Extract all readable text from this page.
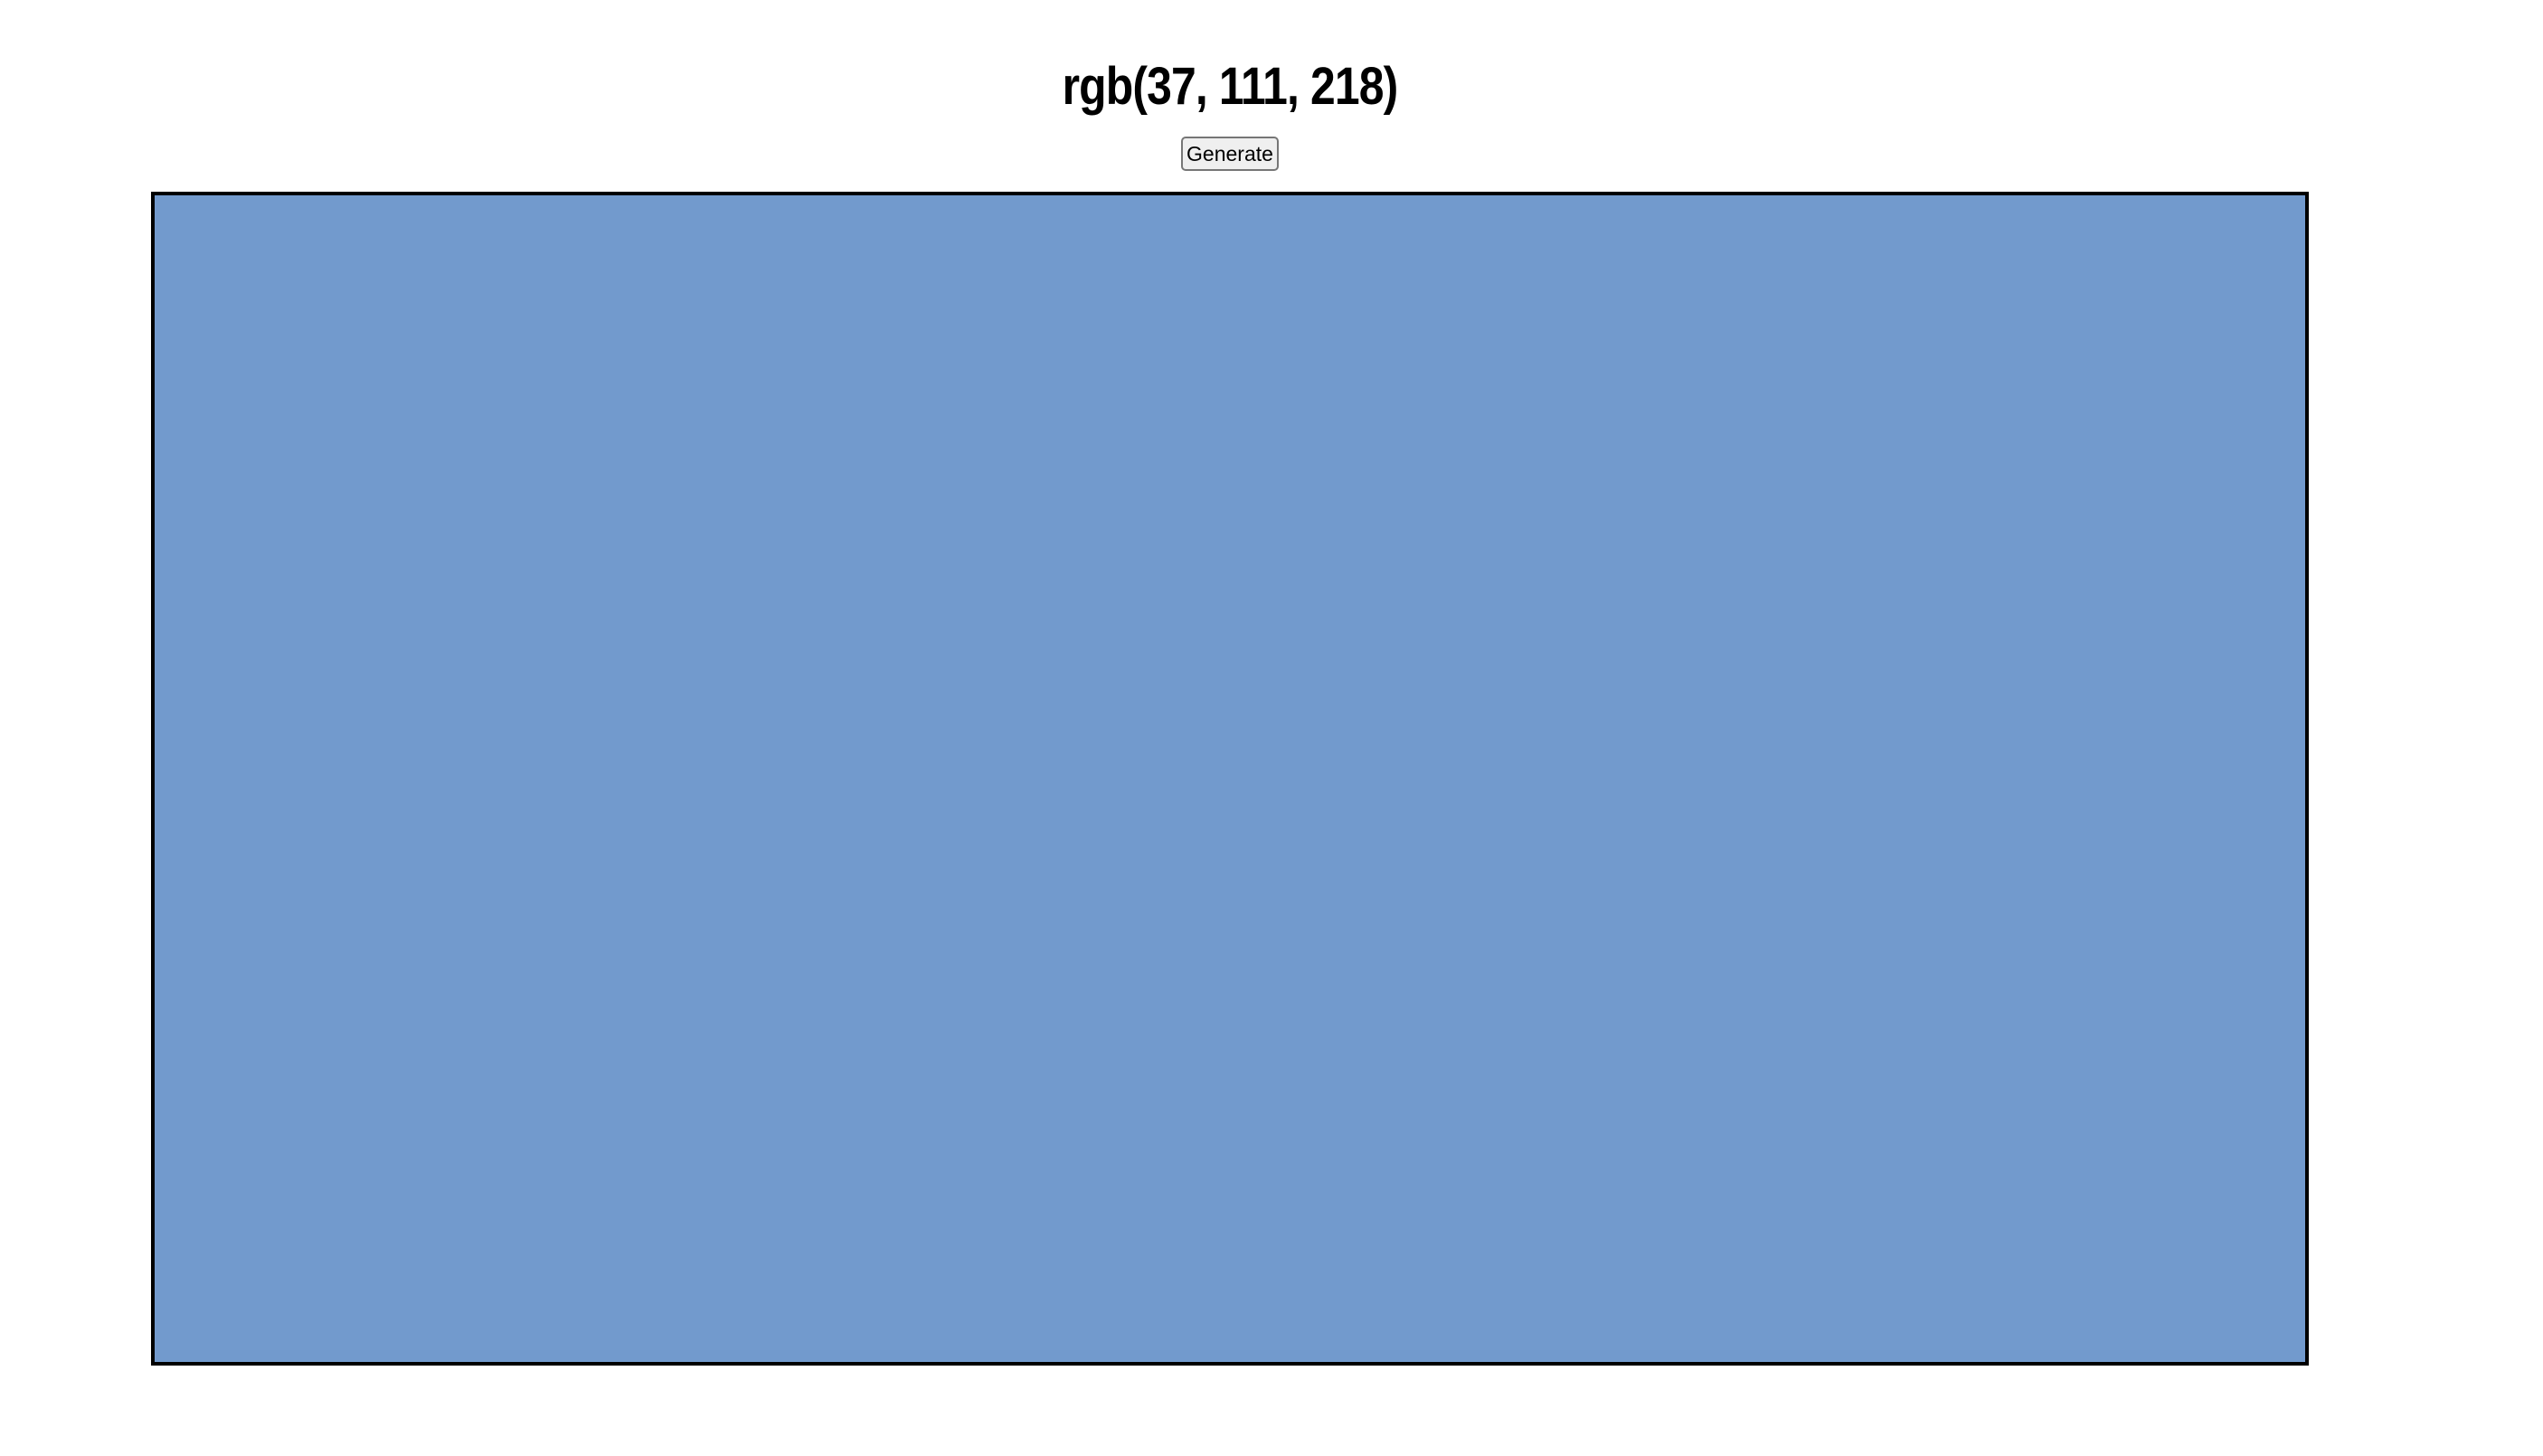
rgb(37, 111, 218)
Generate
